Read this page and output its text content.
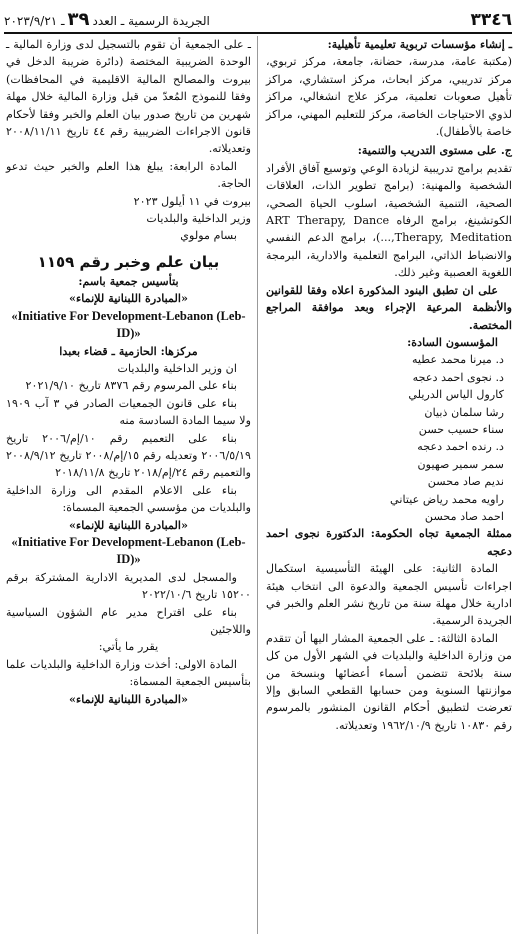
٣٣٤٦
الجريدة الرسمية ـ العدد٣٩ـ ٢٠٢٣/٩/٢١

ـ إنشاء مؤسسات تربوية تعليمية تأهيلية:

(مكتبة عامة، مدرسة، حضانة، جامعة، مركز تربوي، مركز تدريبي، مركز ابحاث، مركز استشاري، مراكز تأهيل صعوبات تعلمية، مركز علاج انشغالي، مراكز لذوي الاحتياجات الخاصة، مركز للتعليم المهني، مراكز خاصة بالأطفال).

ج. على مستوى التدريب والتنمية:

تقديم برامج تدريبية لزيادة الوعي وتوسيع آفاق الأفراد الشخصية والمهنية: (برامج تطوير الذات، العلاقات الصحية، التنمية الشخصية، اسلوب الحياة الصحي، الكوتشينغ، برامج الرفاه ART Therapy, Dance Therapy, Meditation,...)، برامج الدعم النفسي والانضباط الذاتي، البرامج التعلمية والادارية، البرمجة اللغوية العصبية وغير ذلك.

على ان تطبق البنود المذكورة اعلاه وفقا للقوانين والأنظمة المرعية الإجراء وبعد موافقة المراجع المختصة.

المؤسسون السادة:

د. ميرنا محمد عطيه

د. نجوى احمد دعجه

كارول الياس الدريلي

رشا سلمان ذبيان

سناء حسيب حسن

د. رنده احمد دعجه

سمر سمير صهيون

نديم صاد محسن

راويه محمد رياض عيتاني

احمد صاد محسن

ممثلة الجمعية تجاه الحكومة: الدكتورة نجوى احمد دعجه

المادة الثانية: على الهيئة التأسيسية استكمال اجراءات تأسيس الجمعية والدعوة الى انتخاب هيئة ادارية خلال مهلة سنة من تاريخ نشر العلم والخبر في الجريدة الرسمية.

المادة الثالثة: ـ على الجمعية المشار اليها أن تتقدم من وزارة الداخلية والبلديات في الشهر الأول من كل سنة بلائحة تتضمن أسماء أعضائها وبنسخة من موازنتها السنوية ومن حسابها القطعي السابق وإلا تعرضت لتطبيق أحكام القانون المنشور بالمرسوم رقم ١٠٨٣٠ تاريخ ١٩٦٢/١٠/٩ وتعديلاته.

ـ على الجمعية أن تقوم بالتسجيل لدى وزارة المالية ـ الوحدة الضريبية المختصة (دائرة ضريبة الدخل في بيروت والمصالح المالية الاقليمية في المحافظات) وفقا للنموذج المُعدّ من قبل وزارة المالية خلال مهلة شهرين من تاريخ صدور بيان العلم والخبر وفقا لأحكام قانون الاجراءات الضريبية رقم ٤٤ تاريخ ٢٠٠٨/١١/١١ وتعديلاته.

المادة الرابعة: يبلغ هذا العلم والخبر حيث تدعو الحاجة.

بيروت في ١١ أيلول ٢٠٢٣

وزير الداخلية والبلديات

بسام مولوي

بيان علم وخبر رقم ١١٥٩

بتأسيس جمعية باسم:

«المبادرة اللبنانية للإنماء»

«Initiative For Development-Lebanon (Leb-ID)»

مركزها: الحازمية ـ قضاء بعبدا

ان وزير الداخلية والبلديات

بناء على المرسوم رقم ٨٣٧٦ تاريخ ٢٠٢١/٩/١٠

بناء على قانون الجمعيات الصادر في ٣ آب ١٩٠٩ ولا سيما المادة السادسة منه

بناء على التعميم رقم ١٠/إم/٢٠٠٦ تاريخ ٢٠٠٦/٥/١٩ وتعديله رقم ١٥/إم/٢٠٠٨ تاريخ ٢٠٠٨/٩/١٢ والتعميم رقم ٢٤/إم/٢٠١٨ تاريخ ٢٠١٨/١١/٨

بناء على الاعلام المقدم الى وزارة الداخلية والبلديات من مؤسسي الجمعية المسماة:

«المبادرة اللبنانية للإنماء»

«Initiative For Development-Lebanon (Leb-ID)»

والمسجل لدى المديرية الادارية المشتركة برقم ١٥٢٠٠ تاريخ ٢٠٢٢/١٠/٦

بناء على اقتراح مدير عام الشؤون السياسية واللاجئين

يقرر ما يأتي:

المادة الاولى: أخذت وزارة الداخلية والبلديات علما بتأسيس الجمعية المسماة:

«المبادرة اللبنانية للإنماء»
